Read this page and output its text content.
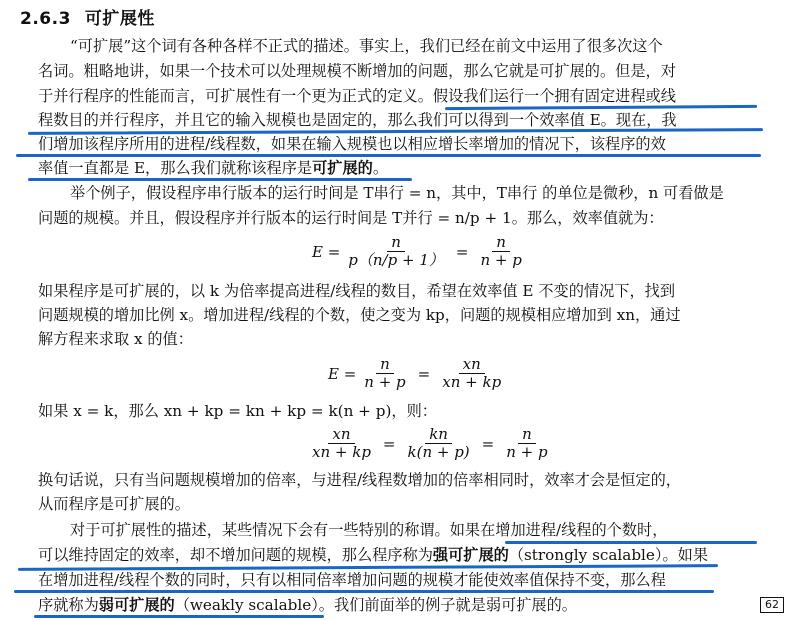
2.6.3 可扩展性
“可扩展”这个词有各种各样不正式的描述。事实上，我们已经在前文中运用了很多次这个
名词。粗略地讲，如果一个技术可以处理规模不断增加的问题，那么它就是可扩展的。但是，对
于并行程序的性能而言，可扩展性有一个更为正式的定义。假设我们运行一个拥有固定进程或线
程数目的并行程序，并且它的输入规模也是固定的，那么我们可以得到一个效率值 E。现在，我
们增加该程序所用的进程/线程数，如果在输入规模也以相应增长率增加的情况下，该程序的效
率值一直都是 E，那么我们就称该程序是可扩展的。
举个例子，假设程序串行版本的运行时间是 T串行 = n，其中，T串行 的单位是微秒，n 可看做是
问题的规模。并且，假设程序并行版本的运行时间是 T并行 = n/p + 1。那么，效率值就为：
$E = \frac{n}{p(n/p + 1)} = \frac{n}{n + p}$
如果程序是可扩展的，以 k 为倍率提高进程/线程的数目，希望在效率值 E 不变的情况下，找到
问题规模的增加比例 x。增加进程/线程的个数，使之变为 kp，问题的规模相应增加到 xn，通过
解方程来求取 x 的值：
$E = \frac{n}{n + p} = \frac{xn}{xn + kp}$
如果 x = k，那么 xn + kp = kn + kp = k(n + p)，则：
$\frac{xn}{xn + kp} = \frac{kn}{k(n + p)} = \frac{n}{n + p}$
换句话说，只有当问题规模增加的倍率，与进程/线程数增加的倍率相同时，效率才会是恒定的，
从而程序是可扩展的。
对于可扩展性的描述，某些情况下会有一些特别的称谓。如果在增加进程/线程的个数时，
可以维持固定的效率，却不增加问题的规模，那么程序称为强可扩展的（strongly scalable）。如果
在增加进程/线程个数的同时，只有以相同倍率增加问题的规模才能使效率值保持不变，那么程
序就称为弱可扩展的（weakly scalable）。我们前面举的例子就是弱可扩展的。	62
